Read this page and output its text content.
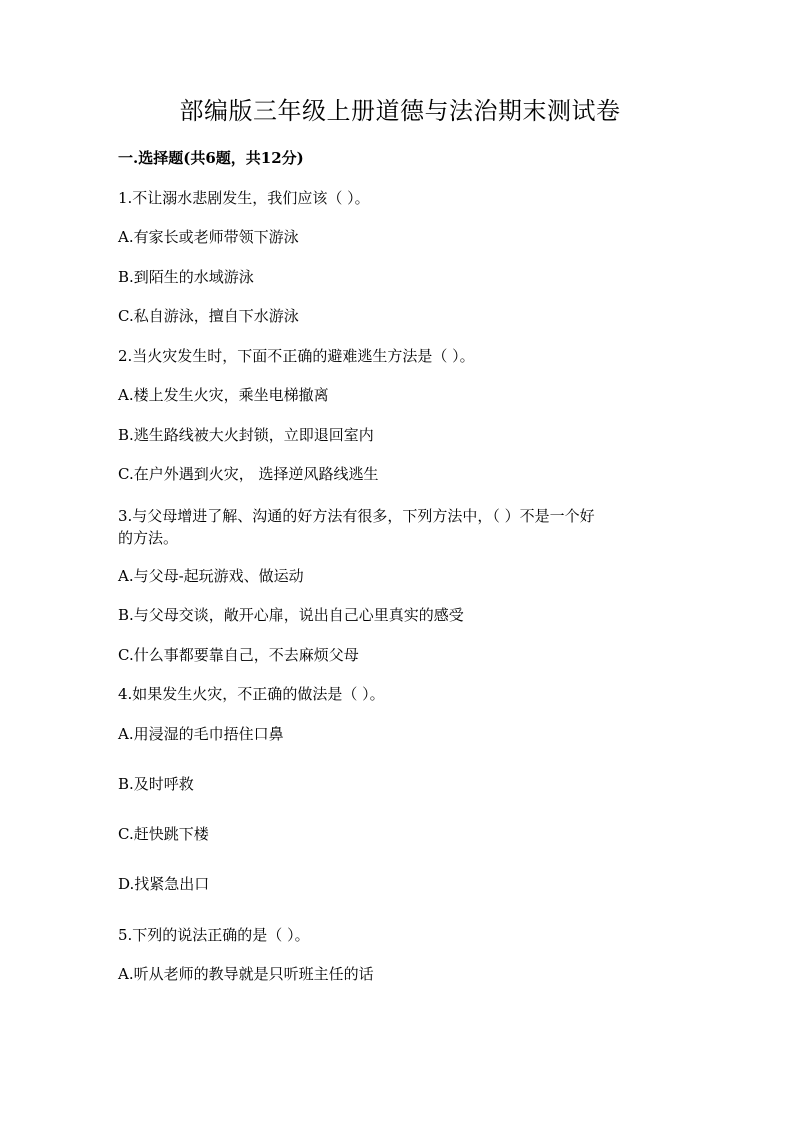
部编版三年级上册道德与法治期末测试卷
一.选择题(共6题，共12分)
1.不让溺水悲剧发生，我们应该（ ）。
A.有家长或老师带领下游泳
B.到陌生的水域游泳
C.私自游泳，擅自下水游泳
2.当火灾发生时，下面不正确的避难逃生方法是（ ）。
A.楼上发生火灾，乘坐电梯撤离
B.逃生路线被大火封锁，立即退回室内
C.在户外遇到火灾， 选择逆风路线逃生
3.与父母增进了解、沟通的好方法有很多，下列方法中，（ ）不是一个好
的方法。
A.与父母-起玩游戏、做运动
B.与父母交谈，敞开心扉，说出自己心里真实的感受
C.什么事都要靠自己，不去麻烦父母
4.如果发生火灾，不正确的做法是（ ）。
A.用浸湿的毛巾捂住口鼻
B.及时呼救
C.赶快跳下楼
D.找紧急出口
5.下列的说法正确的是（ ）。
A.听从老师的教导就是只听班主任的话
